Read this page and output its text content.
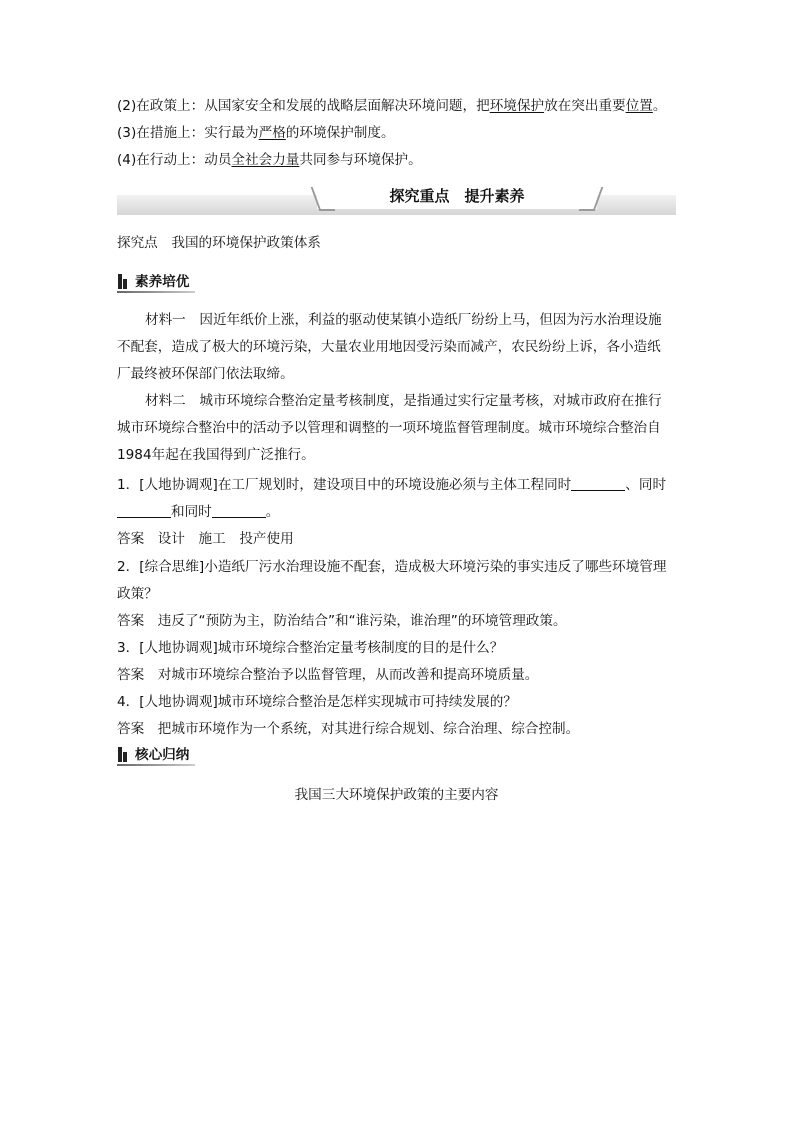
(2)在政策上：从国家安全和发展的战略层面解决环境问题，把环境保护放在突出重要位置。
(3)在措施上：实行最为严格的环境保护制度。
(4)在行动上：动员全社会力量共同参与环境保护。
探究重点　提升素养
探究点　我国的环境保护政策体系
素养培优
材料一　因近年纸价上涨，利益的驱动使某镇小造纸厂纷纷上马，但因为污水治理设施
不配套，造成了极大的环境污染，大量农业用地因受污染而减产，农民纷纷上诉，各小造纸
厂最终被环保部门依法取缔。
材料二　城市环境综合整治定量考核制度，是指通过实行定量考核，对城市政府在推行
城市环境综合整治中的活动予以管理和调整的一项环境监督管理制度。城市环境综合整治自
1984年起在我国得到广泛推行。
1．[人地协调观]在工厂规划时，建设项目中的环境设施必须与主体工程同时	、同时
和同时	。
答案　设计　施工　投产使用
2．[综合思维]小造纸厂污水治理设施不配套，造成极大环境污染的事实违反了哪些环境管理
政策？
答案　违反了“预防为主，防治结合”和“谁污染，谁治理”的环境管理政策。
3．[人地协调观]城市环境综合整治定量考核制度的目的是什么？
答案　对城市环境综合整治予以监督管理，从而改善和提高环境质量。
4．[人地协调观]城市环境综合整治是怎样实现城市可持续发展的？
答案　把城市环境作为一个系统，对其进行综合规划、综合治理、综合控制。
核心归纳
我国三大环境保护政策的主要内容
